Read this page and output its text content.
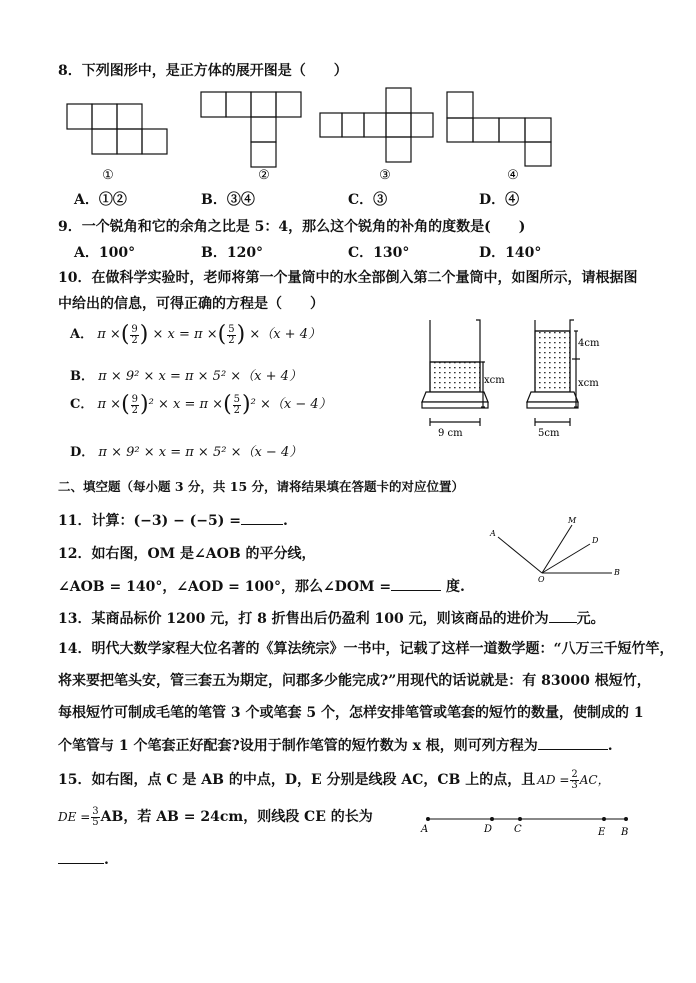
8．下列图形中，是正方体的展开图是（　　）
①	②	③	④
A．①②	B．③④	C．③	D．④
9．一个锐角和它的余角之比是 5：4，那么这个锐角的补角的度数是(　　)
A．100°	B．120°	C．130°	D．140°
10．在做科学实验时，老师将第一个量筒中的水全部倒入第二个量筒中，如图所示，请根据图
中给出的信息，可得正确的方程是（　　）
A．
π × ( $\frac{9}{2}$ )
× x = π × ( $\frac{5}{2}$ )
×（x + 4）
B． π × 9² × x = π × 5² ×（x + 4）
C．
π × ( $\frac{9}{2}$ ) ² × x = π × ( $\frac{5}{2}$ ) ² ×（x − 4）
D． π × 9² × x = π × 5² ×（x − 4）
xcm
9 cm
4cm
xcm
5cm
二、填空题（每小题 3 分，共 15 分，请将结果填在答题卡的对应位置）
11．计算：(−3) − (−5) =	.
12．如右图，OM 是∠AOB 的平分线，
∠AOB = 140°，∠AOD = 100°，那么∠DOM =	度.
A
M
D
O
B
13．某商品标价 1200 元，打 8 折售出后仍盈利 100 元，则该商品的进价为 元。
14．明代大数学家程大位名著的《算法统宗》一书中，记载了这样一道数学题：“八万三千短竹竿，
将来要把笔头安，管三套五为期定，问郡多少能完成?”用现代的话说就是：有 83000 根短竹，
每根短竹可制成毛笔的笔管 3 个或笔套 5 个，怎样安排笔管或笔套的短竹的数量，使制成的 1
个笔管与 1 个笔套正好配套?设用于制作笔管的短竹数为 x 根，则可列方程为	.
15．如右图，点 C 是 AB 的中点，D，E 分别是线段 AC，CB 上的点，且 AD = $\frac{2}{3}$ AC，
DE = $\frac{3}{5}$ AB，若 AB = 24cm，则线段 CE 的长为
.
A	D C	E B
